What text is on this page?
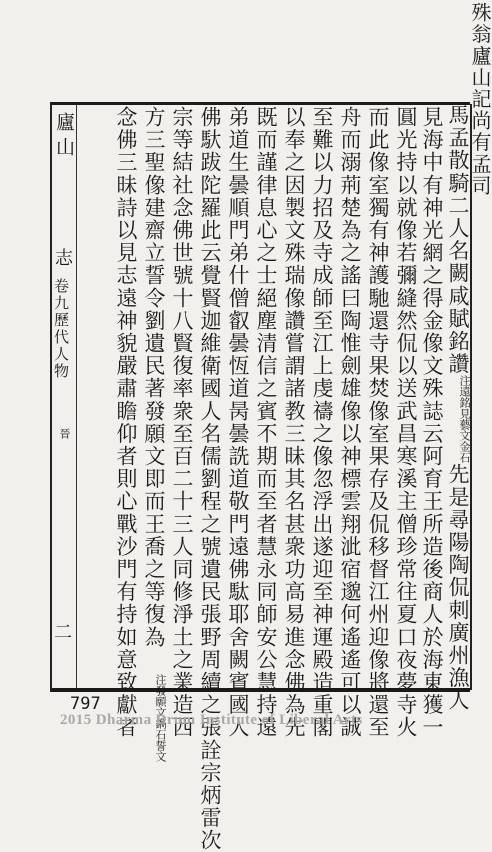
廬山
志
卷九歷代人物
晉
二
殊翁廬山記尚有孟司
馬孟散騎二人名闕咸賦銘讚注遠銘見藝文金石先是尋陽陶侃刺廣州漁人
見海中有神光網之得金像文殊誌云阿育王所造後商人於海東獲一
圓光持以就像若彌縫然侃以送武昌寒溪主僧珍常往夏口夜夢寺火
而此像室獨有神護馳還寺果焚像室果存及侃移督江州迎像將還至
舟而溺荊楚為之謠曰陶惟劍雄像以神標雲翔泚宿邈何遙遙可以誠
至難以力招及寺成師至江上虔禱之像忽浮出遂迎至神運殿造重閣
以奉之因製文殊瑞像讚嘗謂諸教三昧其名甚衆功高易進念佛為先
既而謹律息心之士絕塵清信之賓不期而至者慧永同師安公慧持遠
弟道生曇順門弟什僧叡曇恆道昺曇詵道敬門遠佛駄耶舍闕賓國人
佛馱跋陀羅此云覺賢迦維衛國人名儒劉程之號遺民張野周續之張詮宗炳雷次
宗等結社念佛世號十八賢復率衆至百二十三人同修淨土之業造西
方三聖像建齋立誓令劉遺民著發願文即而王喬之等復為 注發願文鐫石誓文
念佛三昧詩以見志遠神貌嚴肅瞻仰者則心戰沙門有持如意致獻者
797
2015 Dharma Drum Institute of Liberal Arts
